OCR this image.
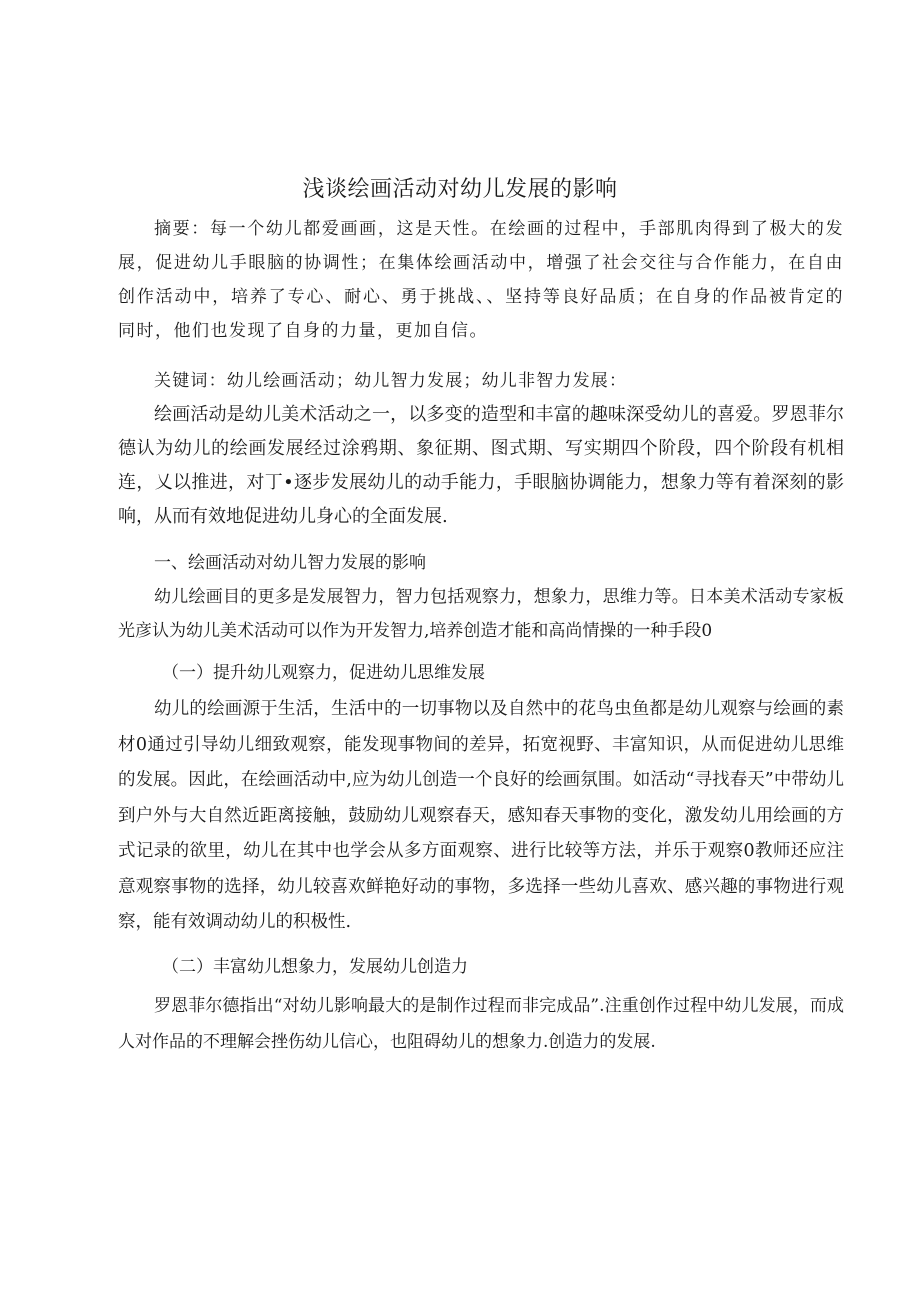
浅谈绘画活动对幼儿发展的影响
摘要：每一个幼儿都爱画画，这是天性。在绘画的过程中，手部肌肉得到了极大的发展，促进幼儿手眼脑的协调性；在集体绘画活动中，增强了社会交往与合作能力，在自由创作活动中，培养了专心、耐心、勇于挑战、、坚持等良好品质；在自身的作品被肯定的同时，他们也发现了自身的力量，更加自信。
关键词：幼儿绘画活动；幼儿智力发展；幼儿非智力发展：
绘画活动是幼儿美术活动之一，以多变的造型和丰富的趣味深受幼儿的喜爱。罗恩菲尔德认为幼儿的绘画发展经过涂鸦期、象征期、图式期、写实期四个阶段，四个阶段有机相连，乂以推进，对丁•逐步发展幼儿的动手能力，手眼脑协调能力，想象力等有着深刻的影响，从而有效地促进幼儿身心的全面发展.
一、绘画活动对幼儿智力发展的影响
幼儿绘画目的更多是发展智力，智力包括观察力，想象力，思维力等。日本美术活动专家板光彦认为幼儿美术活动可以作为开发智力,培养创造才能和高尚情操的一种手段0
（一）提升幼儿观察力，促进幼儿思维发展
幼儿的绘画源于生活，生活中的一切事物以及自然中的花鸟虫鱼都是幼儿观察与绘画的素材0通过引导幼儿细致观察，能发现事物间的差异，拓宽视野、丰富知识，从而促进幼儿思维的发展。因此，在绘画活动中,应为幼儿创造一个良好的绘画氛围。如活动“寻找春天”中带幼儿到户外与大自然近距离接触，鼓励幼儿观察春天，感知春天事物的变化，激发幼儿用绘画的方式记录的欲里，幼儿在其中也学会从多方面观察、进行比较等方法，并乐于观察0教师还应注意观察事物的选择，幼儿较喜欢鲜艳好动的事物，多选择一些幼儿喜欢、感兴趣的事物进行观察，能有效调动幼儿的积极性.
（二）丰富幼儿想象力，发展幼儿创造力
罗恩菲尔德指出“对幼儿影响最大的是制作过程而非完成品”.注重创作过程中幼儿发展，而成人对作品的不理解会挫伤幼儿信心，也阻碍幼儿的想象力.创造力的发展.
